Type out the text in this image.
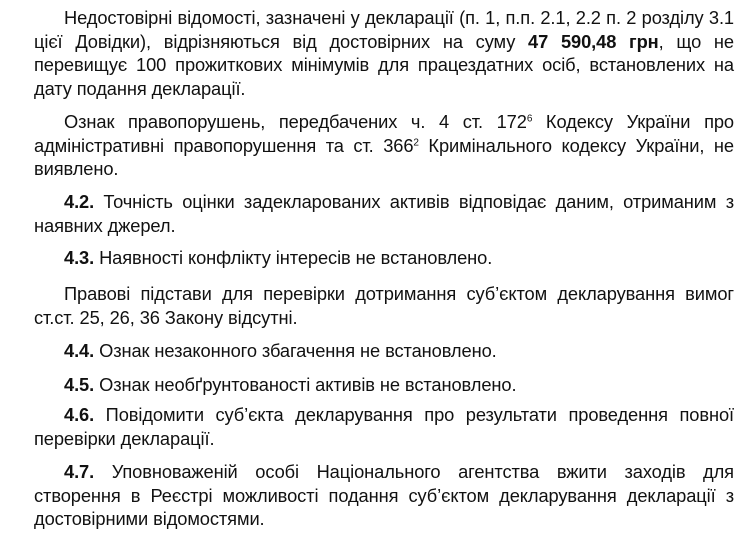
Недостовірні відомості, зазначені у декларації (п. 1, п.п. 2.1, 2.2 п. 2 розділу 3.1 цієї Довідки), відрізняються від достовірних на суму 47 590,48 грн, що не перевищує 100 прожиткових мінімумів для працездатних осіб, встановлених на дату подання декларації.

Ознак правопорушень, передбачених ч. 4 ст. $172^6$ Кодексу України про адміністративні правопорушення та ст. $366^2$ Кримінального кодексу України, не виявлено.

4.2. Точність оцінки задекларованих активів відповідає даним, отриманим з наявних джерел.

4.3. Наявності конфлікту інтересів не встановлено.

Правові підстави для перевірки дотримання суб’єктом декларування вимог ст.ст. 25, 26, 36 Закону відсутні.

4.4. Ознак незаконного збагачення не встановлено.

4.5. Ознак необґрунтованості активів не встановлено.

4.6. Повідомити суб’єкта декларування про результати проведення повної перевірки декларації.

4.7. Уповноваженій особі Національного агентства вжити заходів для створення в Реєстрі можливості подання суб’єктом декларування декларації з достовірними відомостями.
